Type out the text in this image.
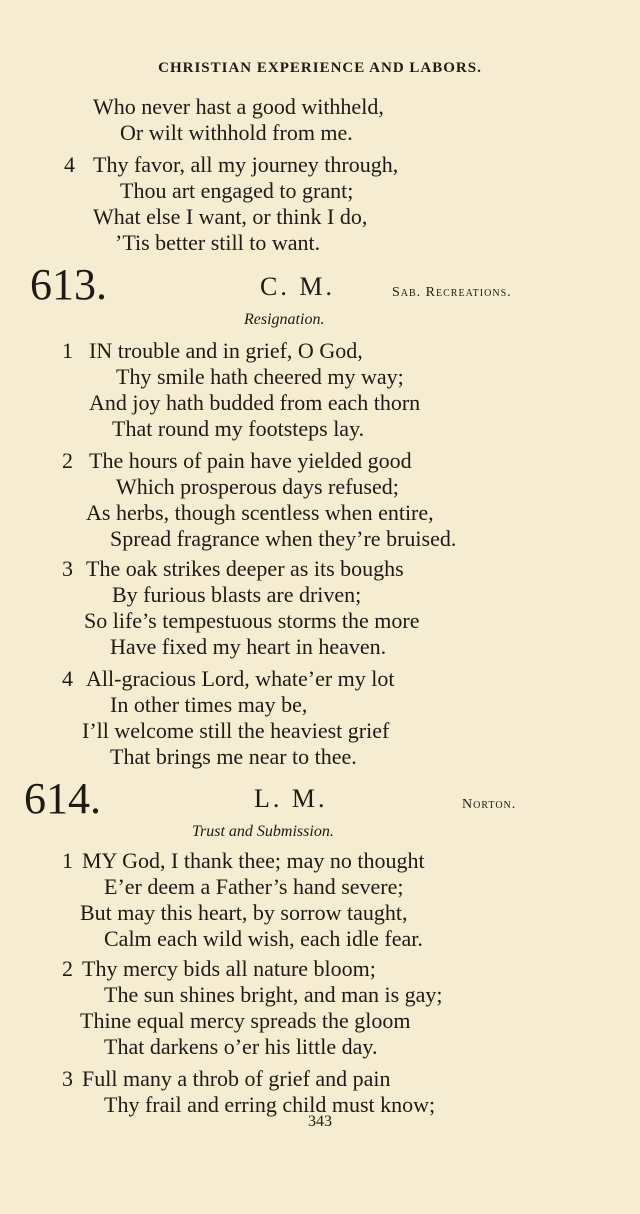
CHRISTIAN EXPERIENCE AND LABORS.
Who never hast a good withheld,
Or wilt withhold from me.
4 Thy favor, all my journey through,
Thou art engaged to grant;
What else I want, or think I do,
’Tis better still to want.
613.	C. M.	Sab. Recreations.
Resignation.
1 IN trouble and in grief, O God,
Thy smile hath cheered my way;
And joy hath budded from each thorn
That round my footsteps lay.
2 The hours of pain have yielded good
Which prosperous days refused;
As herbs, though scentless when entire,
Spread fragrance when they’re bruised.
3 The oak strikes deeper as its boughs
By furious blasts are driven;
So life’s tempestuous storms the more
Have fixed my heart in heaven.
4 All-gracious Lord, whate’er my lot
In other times may be,
I’ll welcome still the heaviest grief
That brings me near to thee.
614.	L. M.	Norton.
Trust and Submission.
1 MY God, I thank thee; may no thought
E’er deem a Father’s hand severe;
But may this heart, by sorrow taught,
Calm each wild wish, each idle fear.
2 Thy mercy bids all nature bloom;
The sun shines bright, and man is gay;
Thine equal mercy spreads the gloom
That darkens o’er his little day.
3 Full many a throb of grief and pain
Thy frail and erring child must know;
343
